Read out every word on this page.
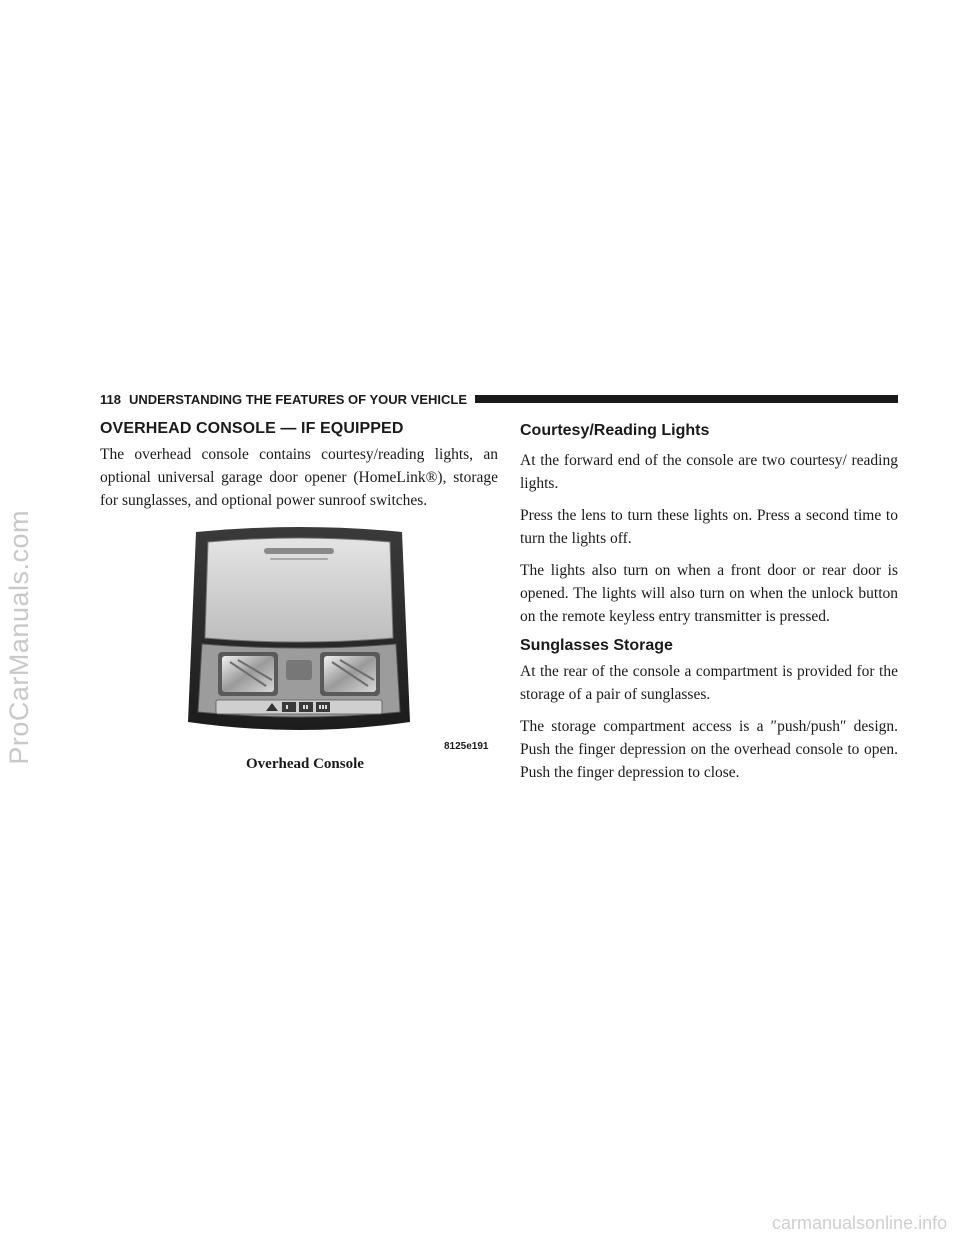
ProCarManuals.com
118 UNDERSTANDING THE FEATURES OF YOUR VEHICLE
OVERHEAD CONSOLE — IF EQUIPPED

The overhead console contains courtesy/reading lights, an optional universal garage door opener (HomeLink®), storage for sunglasses, and optional power sunroof switches.

8125e191
Overhead Console
Courtesy/Reading Lights

At the forward end of the console are two courtesy/ reading lights.

Press the lens to turn these lights on. Press a second time to turn the lights off.

The lights also turn on when a front door or rear door is opened. The lights will also turn on when the unlock button on the remote keyless entry transmitter is pressed.

Sunglasses Storage

At the rear of the console a compartment is provided for the storage of a pair of sunglasses.

The storage compartment access is a ″push/push″ design. Push the finger depression on the overhead console to open. Push the finger depression to close.

carmanualsonline.info
